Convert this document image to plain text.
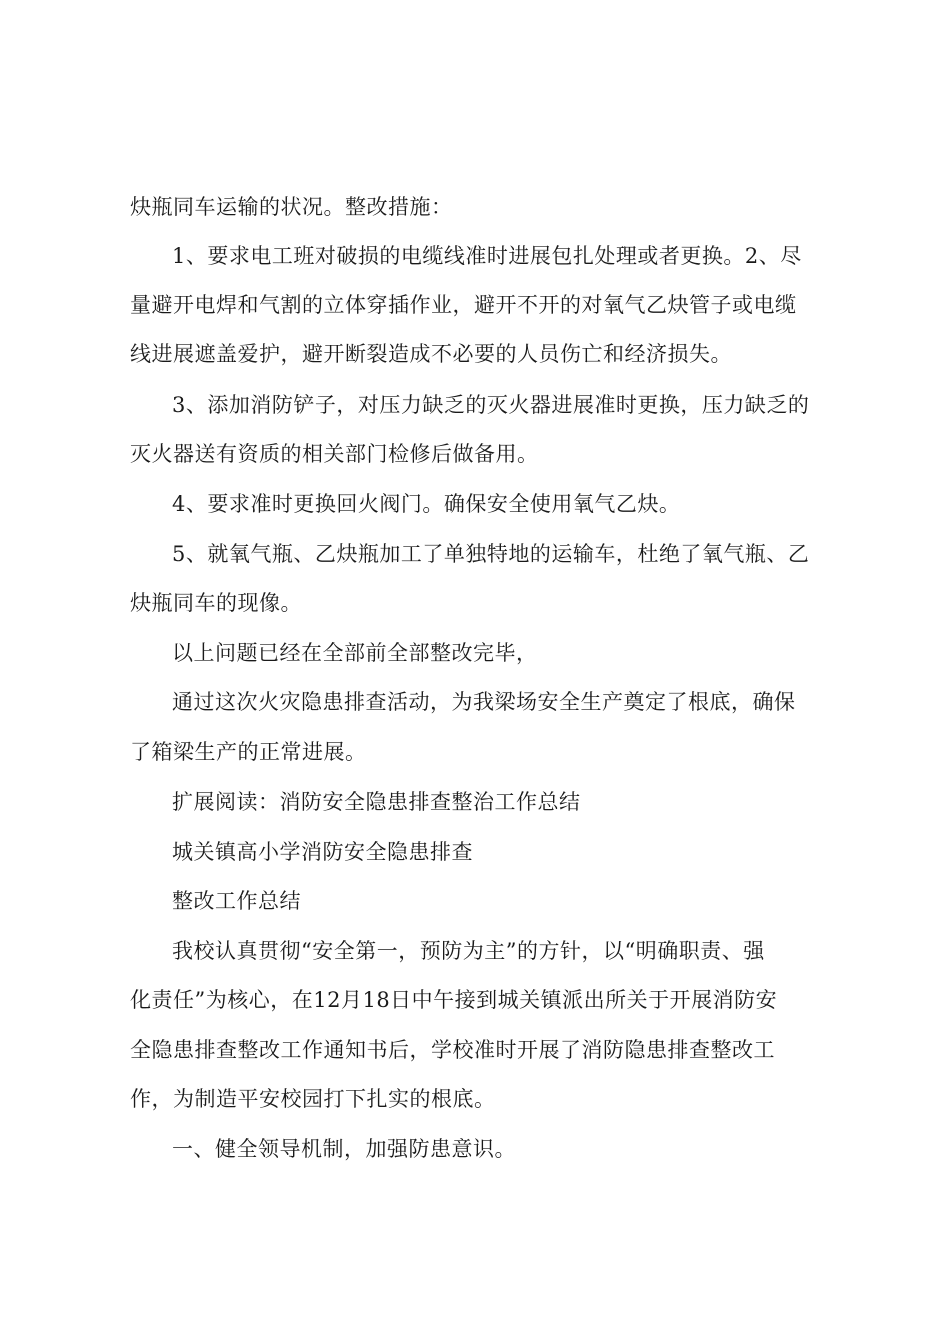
炔瓶同车运输的状况。整改措施：
1、要求电工班对破损的电缆线准时进展包扎处理或者更换。2、尽
量避开电焊和气割的立体穿插作业，避开不开的对氧气乙炔管子或电缆
线进展遮盖爱护，避开断裂造成不必要的人员伤亡和经济损失。
3、添加消防铲子，对压力缺乏的灭火器进展准时更换，压力缺乏的
灭火器送有资质的相关部门检修后做备用。
4、要求准时更换回火阀门。确保安全使用氧气乙炔。
5、就氧气瓶、乙炔瓶加工了单独特地的运输车，杜绝了氧气瓶、乙
炔瓶同车的现像。
以上问题已经在全部前全部整改完毕，
通过这次火灾隐患排查活动，为我梁场安全生产奠定了根底，确保
了箱梁生产的正常进展。
扩展阅读：消防安全隐患排查整治工作总结
城关镇高小学消防安全隐患排查
整改工作总结
我校认真贯彻“安全第一，预防为主”的方针，以“明确职责、强
化责任”为核心，在12月18日中午接到城关镇派出所关于开展消防安
全隐患排查整改工作通知书后，学校准时开展了消防隐患排查整改工
作，为制造平安校园打下扎实的根底。
一、健全领导机制，加强防患意识。
